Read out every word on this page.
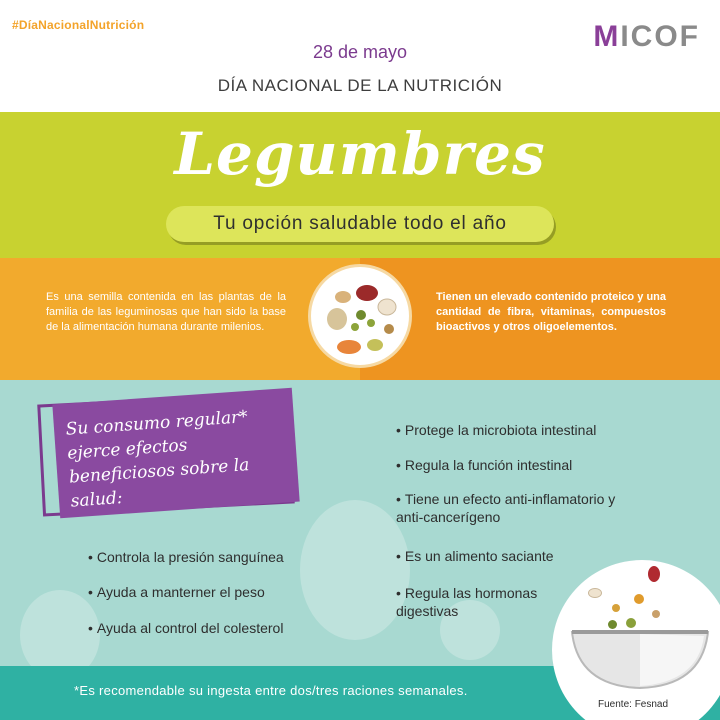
#DíaNacionalNutrición	MICOF
28 de mayo
DÍA NACIONAL DE LA NUTRICIÓN
Legumbres
Tu opción saludable todo el año
Es una semilla contenida en las plantas de la familia de las leguminosas que han sido la base de la alimentación humana durante milenios.
Tienen un elevado contenido proteico y una cantidad de fibra, vitaminas, compuestos bioactivos y otros oligoelementos.
Su consumo regular* ejerce efectos beneficiosos sobre la salud:
• Controla la presión sanguínea
• Ayuda a manterner el peso
• Ayuda al control del colesterol
• Protege la microbiota intestinal
• Regula la función intestinal
• Tiene un efecto anti-inflamatorio y anti-cancerígeno
• Es un alimento saciante
• Regula las hormonas digestivas
*Es recomendable su ingesta entre dos/tres raciones semanales.
Fuente: Fesnad
